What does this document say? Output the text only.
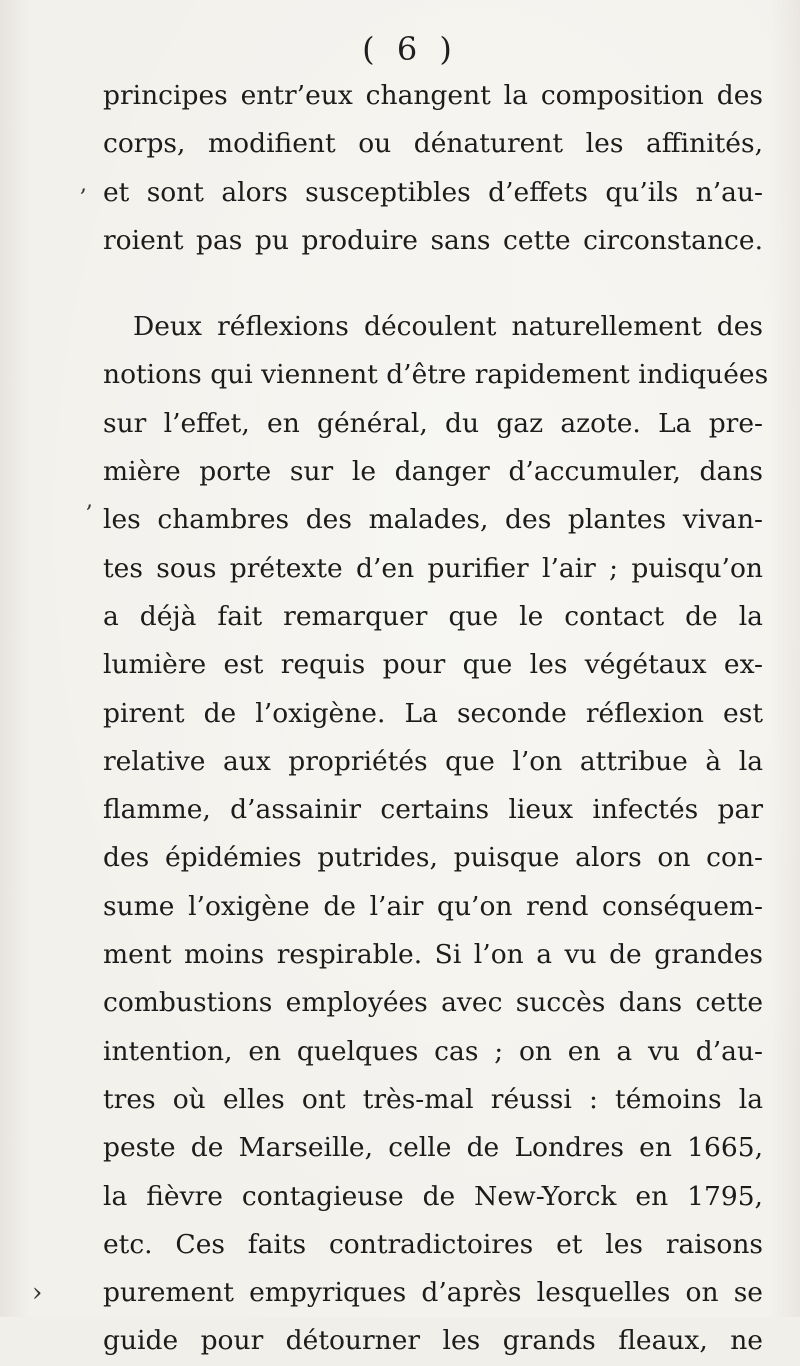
( 6 )
principes entr’eux changent la composition des
corps, modifient ou dénaturent les affinités,
et sont alors susceptibles d’effets qu’ils n’au-
roient pas pu produire sans cette circonstance.
Deux réflexions découlent naturellement des
notions qui viennent d’être rapidement indiquées
sur l’effet, en général, du gaz azote. La pre-
mière porte sur le danger d’accumuler, dans
les chambres des malades, des plantes vivan-
tes sous prétexte d’en purifier l’air ; puisqu’on
a déjà fait remarquer que le contact de la
lumière est requis pour que les végétaux ex-
pirent de l’oxigène. La seconde réflexion est
relative aux propriétés que l’on attribue à la
flamme, d’assainir certains lieux infectés par
des épidémies putrides, puisque alors on con-
sume l’oxigène de l’air qu’on rend conséquem-
ment moins respirable. Si l’on a vu de grandes
combustions employées avec succès dans cette
intention, en quelques cas ; on en a vu d’au-
tres où elles ont très-mal réussi : témoins la
peste de Marseille, celle de Londres en 1665,
la fièvre contagieuse de New-Yorck en 1795,
etc. Ces faits contradictoires et les raisons
purement empyriques d’après lesquelles on se
guide pour détourner les grands fleaux, ne
,
,
›
